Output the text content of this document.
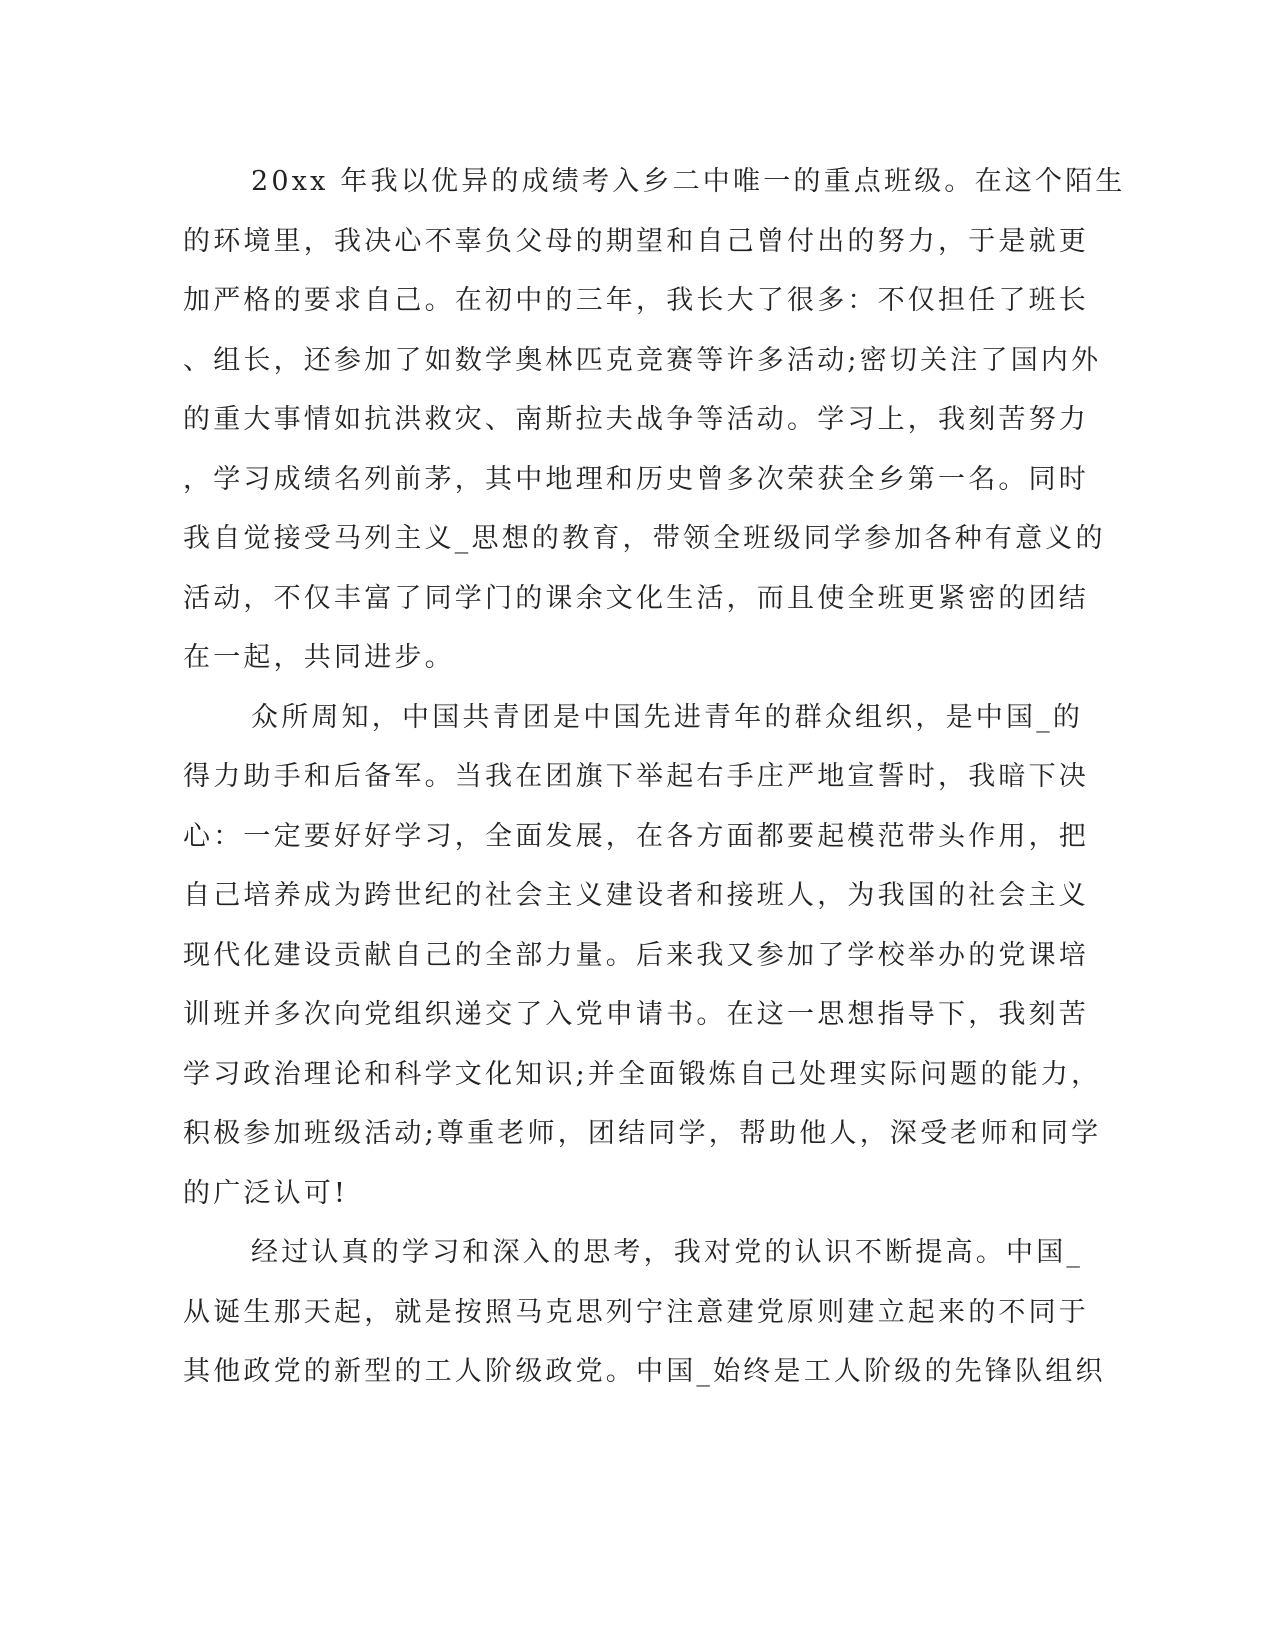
20xx 年我以优异的成绩考入乡二中唯一的重点班级。在这个陌生
的环境里，我决心不辜负父母的期望和自己曾付出的努力，于是就更
加严格的要求自己。在初中的三年，我长大了很多：不仅担任了班长
、组长，还参加了如数学奥林匹克竞赛等许多活动;密切关注了国内外
的重大事情如抗洪救灾、南斯拉夫战争等活动。学习上，我刻苦努力
，学习成绩名列前茅，其中地理和历史曾多次荣获全乡第一名。同时
我自觉接受马列主义_思想的教育，带领全班级同学参加各种有意义的
活动，不仅丰富了同学门的课余文化生活，而且使全班更紧密的团结
在一起，共同进步。
众所周知，中国共青团是中国先进青年的群众组织，是中国_的
得力助手和后备军。当我在团旗下举起右手庄严地宣誓时，我暗下决
心：一定要好好学习，全面发展，在各方面都要起模范带头作用，把
自己培养成为跨世纪的社会主义建设者和接班人，为我国的社会主义
现代化建设贡献自己的全部力量。后来我又参加了学校举办的党课培
训班并多次向党组织递交了入党申请书。在这一思想指导下，我刻苦
学习政治理论和科学文化知识;并全面锻炼自己处理实际问题的能力，
积极参加班级活动;尊重老师，团结同学，帮助他人，深受老师和同学
的广泛认可!
经过认真的学习和深入的思考，我对党的认识不断提高。中国_
从诞生那天起，就是按照马克思列宁注意建党原则建立起来的不同于
其他政党的新型的工人阶级政党。中国_始终是工人阶级的先锋队组织
